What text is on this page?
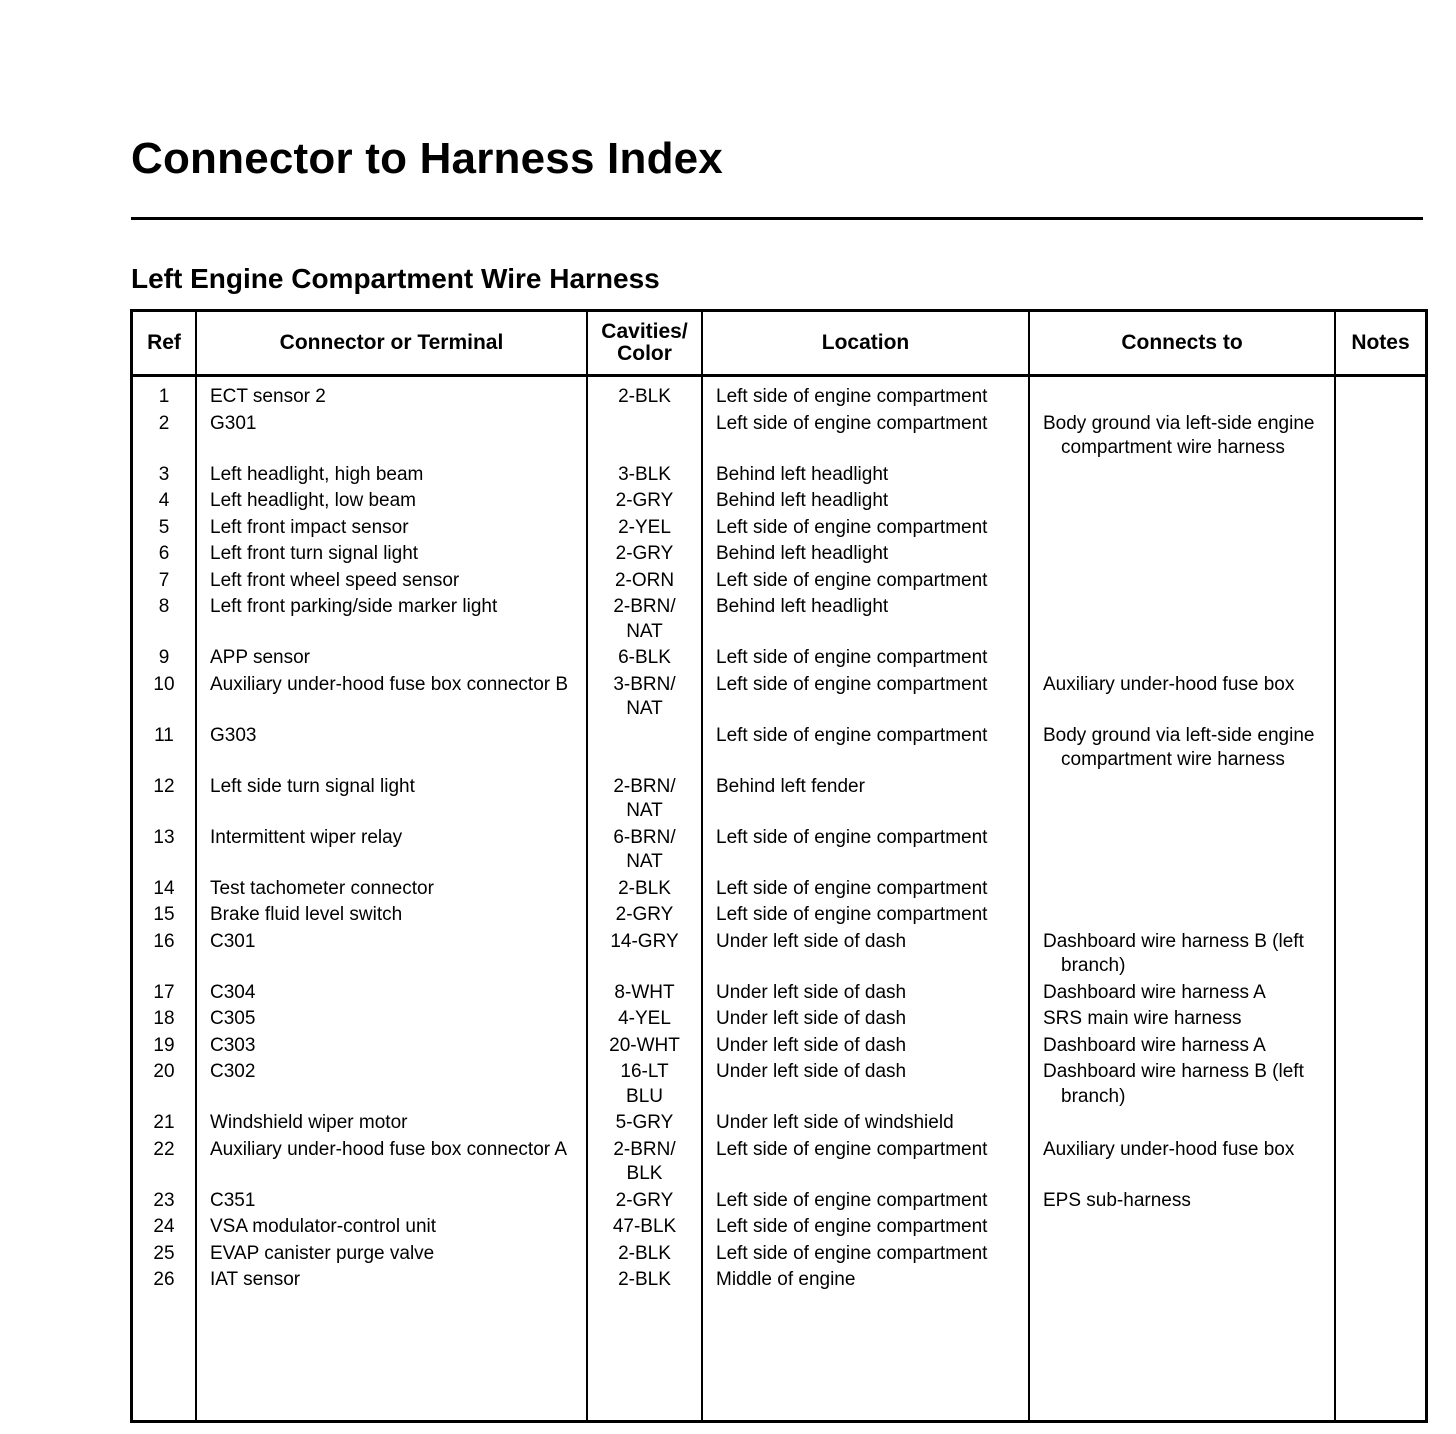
Connector to Harness Index
Left Engine Compartment Wire Harness
Ref	Connector or Terminal	Cavities/ Color	Location	Connects to	Notes

1	ECT sensor 2	2-BLK	Left side of engine compartment		

2	G301		Left side of engine compartment	Body ground via left-side engine compartment wire harness	

3	Left headlight, high beam	3-BLK	Behind left headlight		

4	Left headlight, low beam	2-GRY	Behind left headlight		

5	Left front impact sensor	2-YEL	Left side of engine compartment		

6	Left front turn signal light	2-GRY	Behind left headlight		

7	Left front wheel speed sensor	2-ORN	Left side of engine compartment		

8	Left front parking/side marker light	2-BRN/ NAT	Behind left headlight		

9	APP sensor	6-BLK	Left side of engine compartment		

10	Auxiliary under-hood fuse box connector B	3-BRN/ NAT	Left side of engine compartment	Auxiliary under-hood fuse box	

11	G303		Left side of engine compartment	Body ground via left-side engine compartment wire harness	

12	Left side turn signal light	2-BRN/ NAT	Behind left fender		

13	Intermittent wiper relay	6-BRN/ NAT	Left side of engine compartment		

14	Test tachometer connector	2-BLK	Left side of engine compartment		

15	Brake fluid level switch	2-GRY	Left side of engine compartment		

16	C301	14-GRY	Under left side of dash	Dashboard wire harness B (left branch)	

17	C304	8-WHT	Under left side of dash	Dashboard wire harness A	

18	C305	4-YEL	Under left side of dash	SRS main wire harness	

19	C303	20-WHT	Under left side of dash	Dashboard wire harness A	

20	C302	16-LT BLU	Under left side of dash	Dashboard wire harness B (left branch)	

21	Windshield wiper motor	5-GRY	Under left side of windshield		

22	Auxiliary under-hood fuse box connector A	2-BRN/ BLK	Left side of engine compartment	Auxiliary under-hood fuse box	

23	C351	2-GRY	Left side of engine compartment	EPS sub-harness	

24	VSA modulator-control unit	47-BLK	Left side of engine compartment		

25	EVAP canister purge valve	2-BLK	Left side of engine compartment		

26	IAT sensor	2-BLK	Middle of engine		
